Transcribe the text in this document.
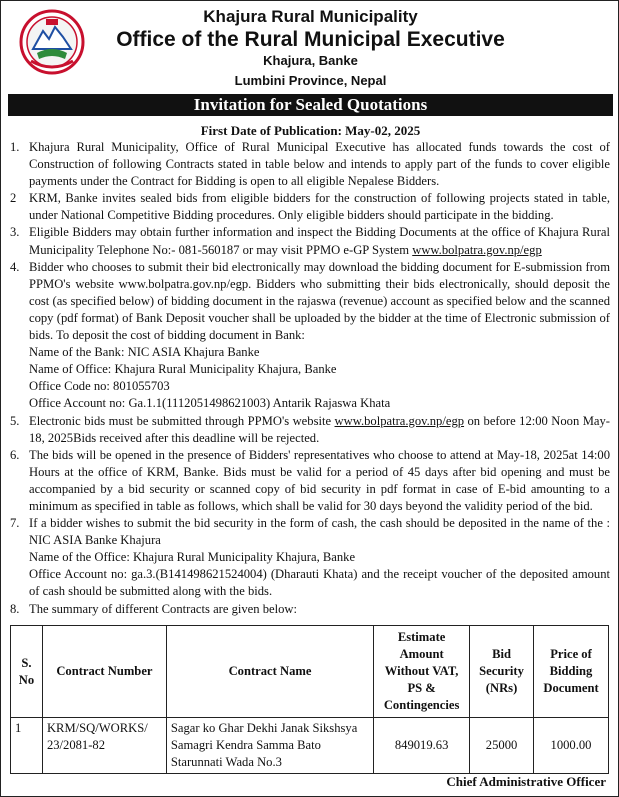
Khajura Rural Municipality
Office of the Rural Municipal Executive
Khajura, Banke
Lumbini Province, Nepal
Invitation for Sealed Quotations
First Date of Publication: May-02, 2025
1. Khajura Rural Municipality, Office of Rural Municipal Executive has allocated funds towards the cost of Construction of following Contracts stated in table below and intends to apply part of the funds to cover eligible payments under the Contract for Bidding is open to all eligible Nepalese Bidders.
2	KRM, Banke invites sealed bids from eligible bidders for the construction of following projects stated in table, under National Competitive Bidding procedures. Only eligible bidders should participate in the bidding.
3. Eligible Bidders may obtain further information and inspect the Bidding Documents at the office of Khajura Rural Municipality Telephone No:- 081-560187 or may visit PPMO e-GP System www.bolpatra.gov.np/egp
4. Bidder who chooses to submit their bid electronically may download the bidding document for E-submission from PPMO's website www.bolpatra.gov.np/egp. Bidders who submitting their bids electronically, should deposit the cost (as specified below) of bidding document in the rajaswa (revenue) account as specified below and the scanned copy (pdf format) of Bank Deposit voucher shall be uploaded by the bidder at the time of Electronic submission of bids. To deposit the cost of bidding document in Bank:
Name of the Bank: NIC ASIA Khajura Banke
Name of Office: Khajura Rural Municipality Khajura, Banke
Office Code no: 801055703
Office Account no: Ga.1.1(1112051498621003) Antarik Rajaswa Khata
5. Electronic bids must be submitted through PPMO's website www.bolpatra.gov.np/egp on before 12:00 Noon May-18, 2025Bids received after this deadline will be rejected.
6. The bids will be opened in the presence of Bidders' representatives who choose to attend at May-18, 2025at 14:00 Hours at the office of KRM, Banke. Bids must be valid for a period of 45 days after bid opening and must be accompanied by a bid security or scanned copy of bid security in pdf format in case of E-bid amounting to a minimum as specified in table as follows, which shall be valid for 30 days beyond the validity period of the bid.
7. If a bidder wishes to submit the bid security in the form of cash, the cash should be deposited in the name of the : NIC ASIA Banke Khajura
Name of the Office: Khajura Rural Municipality Khajura, Banke
Office Account no: ga.3.(B141498621524004) (Dharauti Khata) and the receipt voucher of the deposited amount of cash should be submitted along with the bids.
8. The summary of different Contracts are given below:
S. No	Contract Number	Contract Name	Estimate Amount Without VAT, PS & Contingencies	Bid Security (NRs)	Price of Bidding Document
1	KRM/SQ/WORKS/ 23/2081-82	Sagar ko Ghar Dekhi Janak Sikshsya Samagri Kendra Samma Bato Starunnati Wada No.3	849019.63	25000	1000.00
Chief Administrative Officer
